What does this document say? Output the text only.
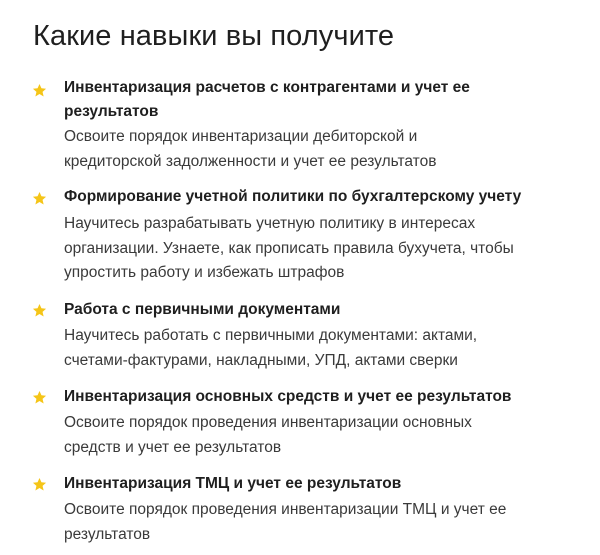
Какие навыки вы получите
Инвентаризация расчетов с контрагентами и учет ее
результатов
Освоите порядок инвентаризации дебиторской и
кредиторской задолженности и учет ее результатов
Формирование учетной политики по бухгалтерскому учету
Научитесь разрабатывать учетную политику в интересах
организации. Узнаете, как прописать правила бухучета, чтобы
упростить работу и избежать штрафов
Работа с первичными документами
Научитесь работать с первичными документами: актами,
счетами-фактурами, накладными, УПД, актами сверки
Инвентаризация основных средств и учет ее результатов
Освоите порядок проведения инвентаризации основных
средств и учет ее результатов
Инвентаризация ТМЦ и учет ее результатов
Освоите порядок проведения инвентаризации ТМЦ и учет ее
результатов
